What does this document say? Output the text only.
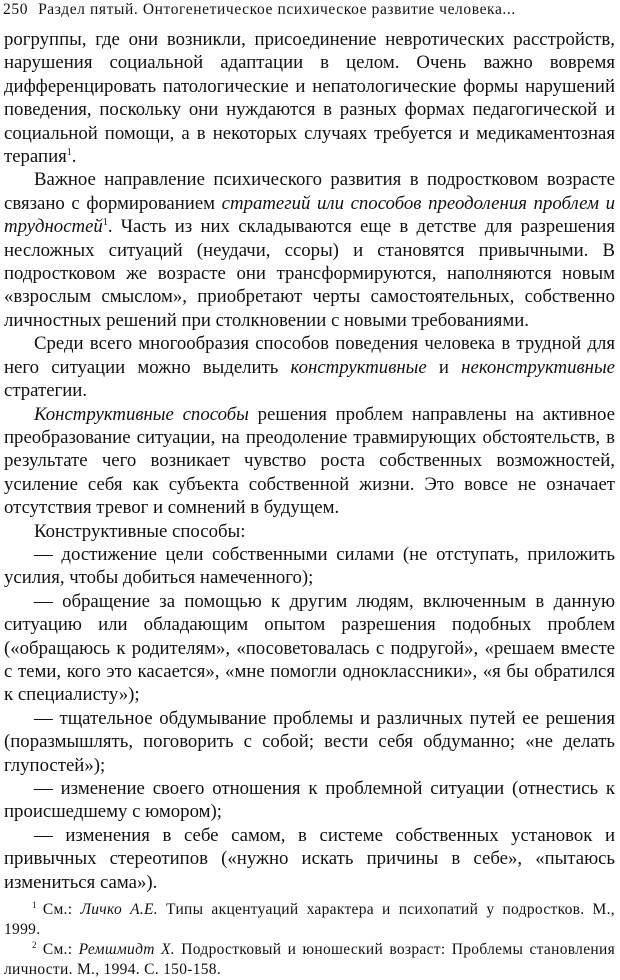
250 Раздел пятый. Онтогенетическое психическое развитие человека...

рогруппы, где они возникли, присоединение невротических расстройств, нарушения социальной адаптации в целом. Очень важно вовремя дифференцировать патологические и непатологические формы нарушений поведения, поскольку они нуждаются в разных формах педагогической и социальной помощи, а в некоторых случаях требуется и медикаментозная терапия$^1$.

Важное направление психического развития в подростковом возрасте связано с формированием стратегий или способов преодоления проблем и трудностей$^1$. Часть из них складываются еще в детстве для разрешения несложных ситуаций (неудачи, ссоры) и становятся привычными. В подростковом же возрасте они трансформируются, наполняются новым «взрослым смыслом», приобретают черты самостоятельных, собственно личностных решений при столкновении с новыми требованиями.

Среди всего многообразия способов поведения человека в трудной для него ситуации можно выделить конструктивные и неконструктивные стратегии.

Конструктивные способы решения проблем направлены на активное преобразование ситуации, на преодоление травмирующих обстоятельств, в результате чего возникает чувство роста собственных возможностей, усиление себя как субъекта собственной жизни. Это вовсе не означает отсутствия тревог и сомнений в будущем.

Конструктивные способы:

— достижение цели собственными силами (не отступать, приложить усилия, чтобы добиться намеченного);

— обращение за помощью к другим людям, включенным в данную ситуацию или обладающим опытом разрешения подобных проблем («обращаюсь к родителям», «посоветовалась с подругой», «решаем вместе с теми, кого это касается», «мне помогли одноклассники», «я бы обратился к специалисту»);

— тщательное обдумывание проблемы и различных путей ее решения (поразмышлять, поговорить с собой; вести себя обдуманно; «не делать глупостей»);

— изменение своего отношения к проблемной ситуации (отнестись к происшедшему с юмором);

— изменения в себе самом, в системе собственных установок и привычных стереотипов («нужно искать причины в себе», «пытаюсь измениться сама»).

$^1$ См.: Личко А.Е. Типы акцентуаций характера и психопатий у подростков. М., 1999.

$^2$ См.: Ремшмидт Х. Подростковый и юношеский возраст: Проблемы становления личности. М., 1994. С. 150-158.
